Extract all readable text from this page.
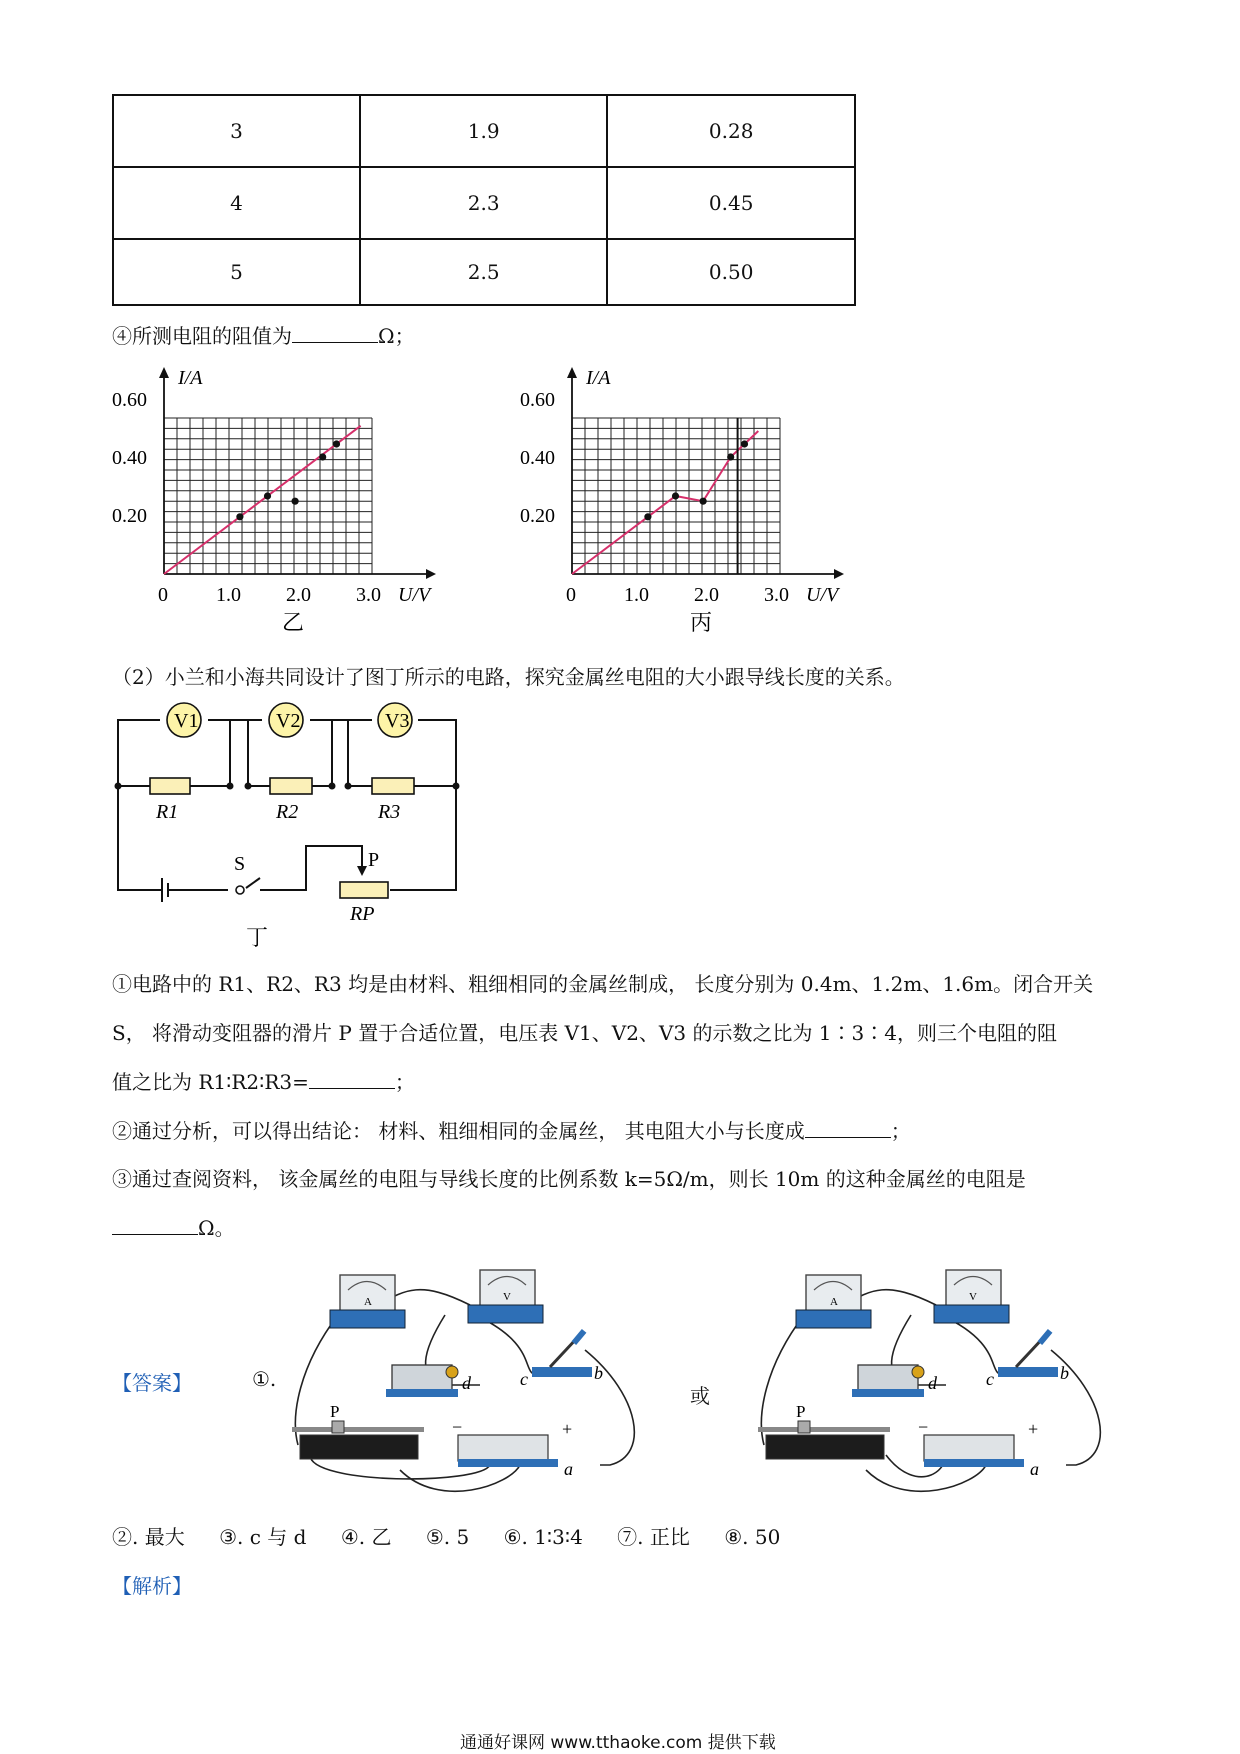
3	1.9	0.28
4	2.3	0.45
5	2.5	0.50
④所测电阻的阻值为	Ω；
I/A
U/V
0.60
0.40
0.20
0 1.0 2.0 3.0
乙
I/A
U/V
0.60
0.40
0.20
0 1.0 2.0 3.0
丙
（2）小兰和小海共同设计了图丁所示的电路，探究金属丝电阻的大小跟导线长度的关系。
V1	V2	V3
R1	R2	R3
S	P
RP
丁
①电路中的 R1、R2、R3 均是由材料、粗细相同的金属丝制成， 长度分别为 0.4m、1.2m、1.6m。闭合开关
S， 将滑动变阻器的滑片 P 置于合适位置，电压表 V1、V2、V3 的示数之比为 1∶3∶4，则三个电阻的阻
值之比为 R1∶R2∶R3=	；
②通过分析，可以得出结论： 材料、粗细相同的金属丝， 其电阻大小与长度成	；
③通过查阅资料， 该金属丝的电阻与导线长度的比例系数 k=5Ω/m，则长 10m 的这种金属丝的电阻是
Ω。
【答案】	①.
或
A	V
d	c	b
P
−	+
a
A	V
d	c	b
P
−	+
a
②. 最大 ③. c 与 d ④. 乙 ⑤. 5 ⑥. 1∶3∶4 ⑦. 正比 ⑧. 50
【解析】
通通好课网 www.tthaoke.com 提供下载
